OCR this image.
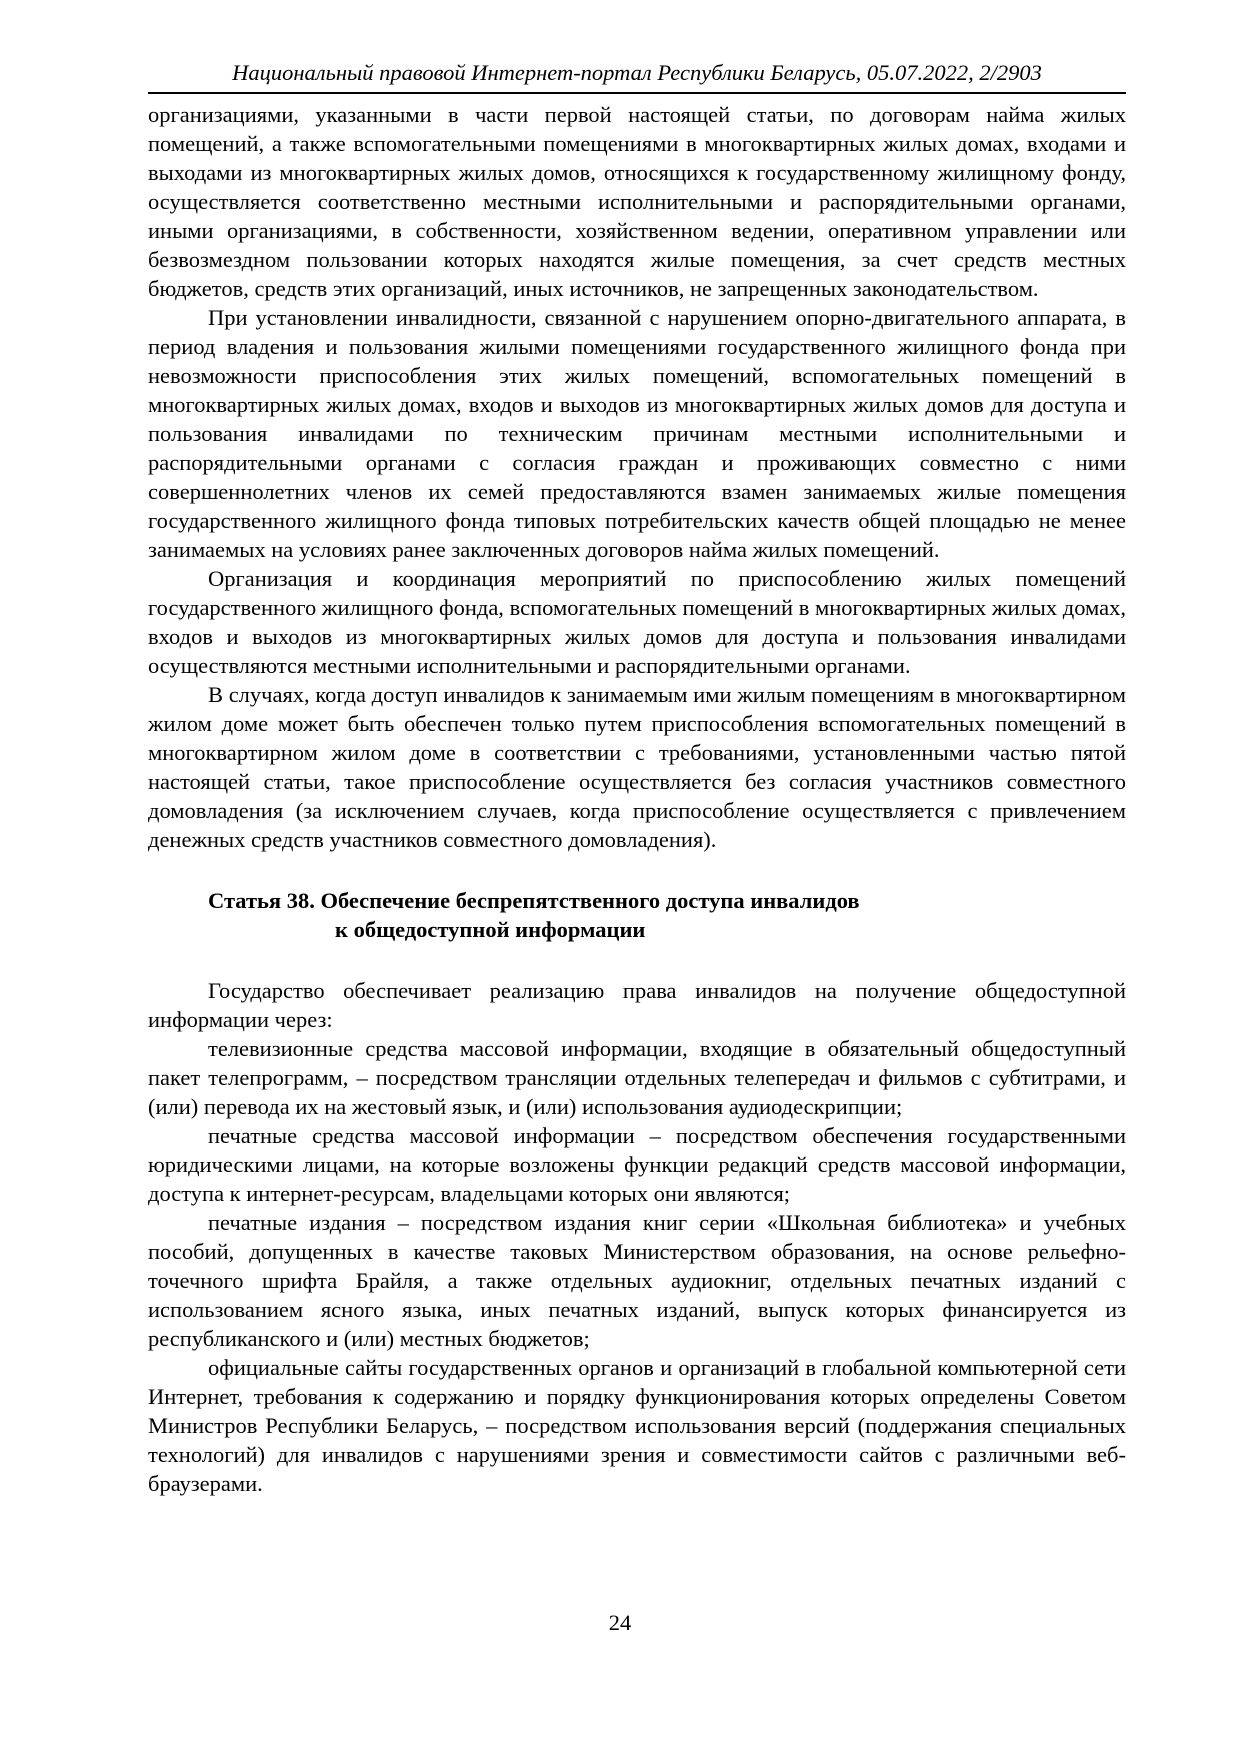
Национальный правовой Интернет-портал Республики Беларусь, 05.07.2022, 2/2903

организациями, указанными в части первой настоящей статьи, по договорам найма жилых помещений, а также вспомогательными помещениями в многоквартирных жилых домах, входами и выходами из многоквартирных жилых домов, относящихся к государственному жилищному фонду, осуществляется соответственно местными исполнительными и распорядительными органами, иными организациями, в собственности, хозяйственном ведении, оперативном управлении или безвозмездном пользовании которых находятся жилые помещения, за счет средств местных бюджетов, средств этих организаций, иных источников, не запрещенных законодательством.

При установлении инвалидности, связанной с нарушением опорно-двигательного аппарата, в период владения и пользования жилыми помещениями государственного жилищного фонда при невозможности приспособления этих жилых помещений, вспомогательных помещений в многоквартирных жилых домах, входов и выходов из многоквартирных жилых домов для доступа и пользования инвалидами по техническим причинам местными исполнительными и распорядительными органами с согласия граждан и проживающих совместно с ними совершеннолетних членов их семей предоставляются взамен занимаемых жилые помещения государственного жилищного фонда типовых потребительских качеств общей площадью не менее занимаемых на условиях ранее заключенных договоров найма жилых помещений.

Организация и координация мероприятий по приспособлению жилых помещений государственного жилищного фонда, вспомогательных помещений в многоквартирных жилых домах, входов и выходов из многоквартирных жилых домов для доступа и пользования инвалидами осуществляются местными исполнительными и распорядительными органами.

В случаях, когда доступ инвалидов к занимаемым ими жилым помещениям в многоквартирном жилом доме может быть обеспечен только путем приспособления вспомогательных помещений в многоквартирном жилом доме в соответствии с требованиями, установленными частью пятой настоящей статьи, такое приспособление осуществляется без согласия участников совместного домовладения (за исключением случаев, когда приспособление осуществляется с привлечением денежных средств участников совместного домовладения).

Статья 38. Обеспечение беспрепятственного доступа инвалидов
к общедоступной информации

Государство обеспечивает реализацию права инвалидов на получение общедоступной информации через:

телевизионные средства массовой информации, входящие в обязательный общедоступный пакет телепрограмм, – посредством трансляции отдельных телепередач и фильмов с субтитрами, и (или) перевода их на жестовый язык, и (или) использования аудиодескрипции;

печатные средства массовой информации – посредством обеспечения государственными юридическими лицами, на которые возложены функции редакций средств массовой информации, доступа к интернет-ресурсам, владельцами которых они являются;

печатные издания – посредством издания книг серии «Школьная библиотека» и учебных пособий, допущенных в качестве таковых Министерством образования, на основе рельефно-точечного шрифта Брайля, а также отдельных аудиокниг, отдельных печатных изданий с использованием ясного языка, иных печатных изданий, выпуск которых финансируется из республиканского и (или) местных бюджетов;

официальные сайты государственных органов и организаций в глобальной компьютерной сети Интернет, требования к содержанию и порядку функционирования которых определены Советом Министров Республики Беларусь, – посредством использования версий (поддержания специальных технологий) для инвалидов с нарушениями зрения и совместимости сайтов с различными веб-браузерами.

24
